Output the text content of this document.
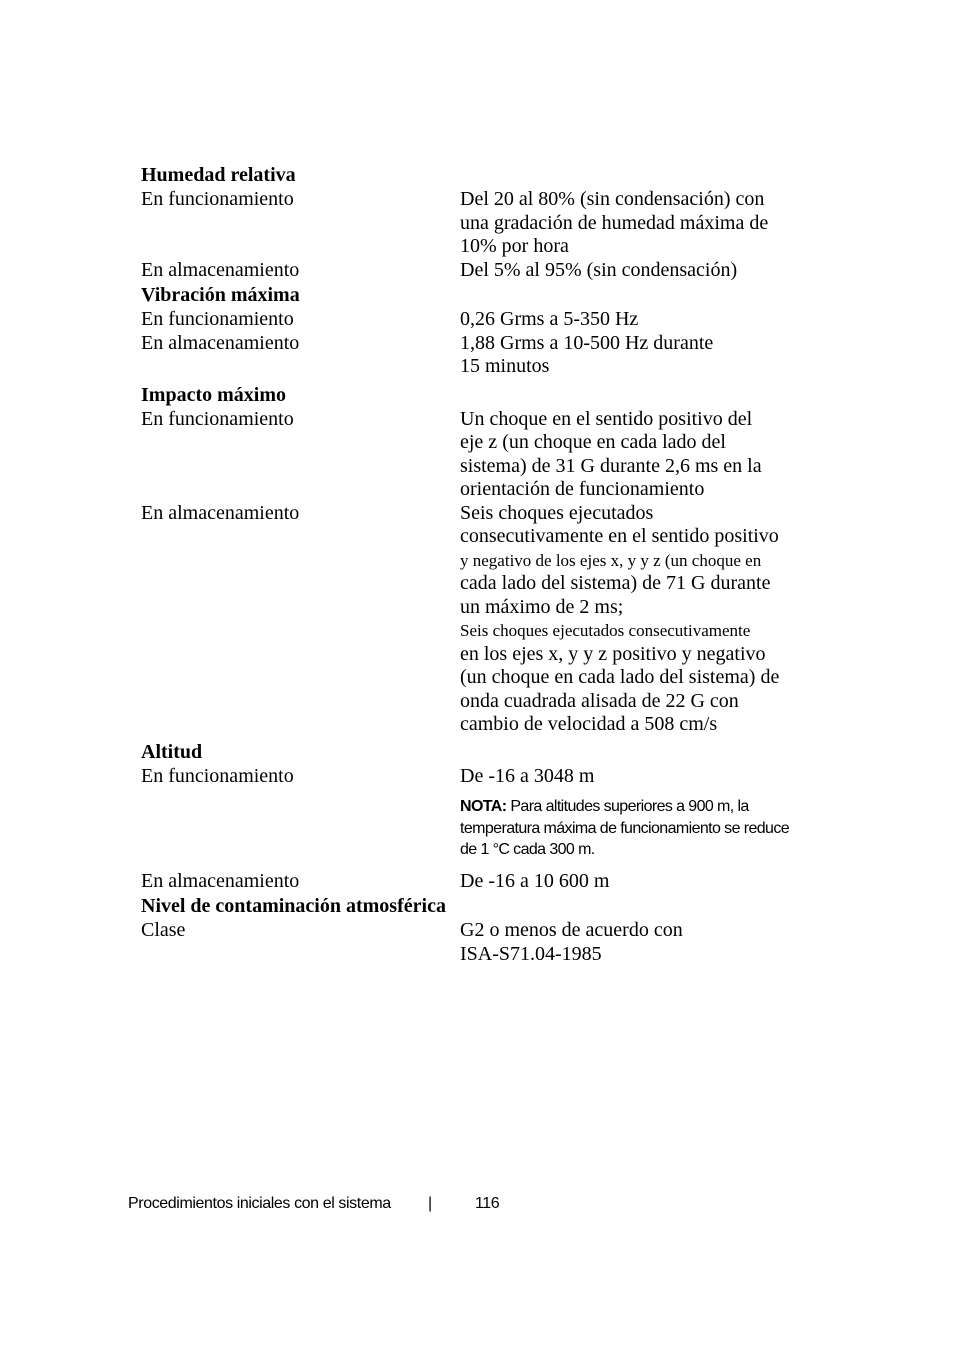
Humedad relativa
En funcionamiento	Del 20 al 80% (sin condensación) con
una gradación de humedad máxima de
10% por hora
En almacenamiento	Del 5% al 95% (sin condensación)
Vibración máxima
En funcionamiento	0,26 Grms a 5-350 Hz
En almacenamiento	1,88 Grms a 10-500 Hz durante
15 minutos
Impacto máximo
En funcionamiento	Un choque en el sentido positivo del
eje z (un choque en cada lado del
sistema) de 31 G durante 2,6 ms en la
orientación de funcionamiento
En almacenamiento	Seis choques ejecutados
consecutivamente en el sentido positivo
y negativo de los ejes x, y y z (un choque en
cada lado del sistema) de 71 G durante
un máximo de 2 ms;
Seis choques ejecutados consecutivamente
en los ejes x, y y z positivo y negativo
(un choque en cada lado del sistema) de
onda cuadrada alisada de 22 G con
cambio de velocidad a 508 cm/s
Altitud
En funcionamiento	De -16 a 3048 m
NOTA: Para altitudes superiores a 900 m, la
temperatura máxima de funcionamiento se reduce
de 1 °C cada 300 m.
En almacenamiento	De -16 a 10 600 m
Nivel de contaminación atmosférica
Clase	G2 o menos de acuerdo con
ISA-S71.04-1985
Procedimientos iniciales con el sistema |	116
